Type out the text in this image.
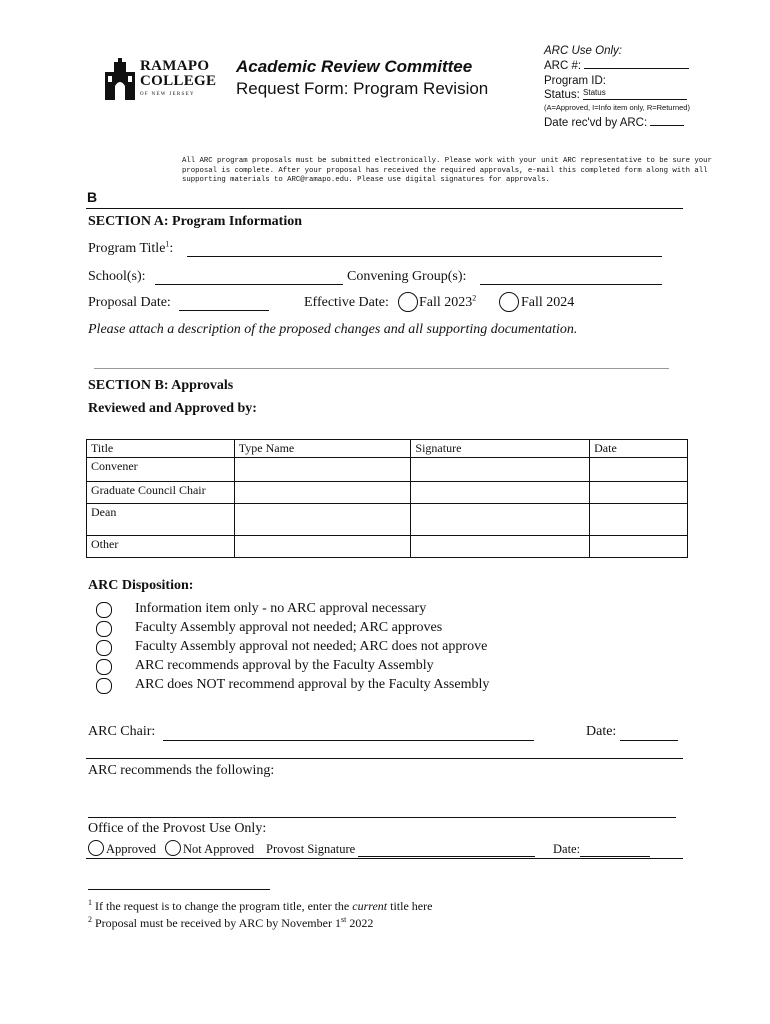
RAMAPO
COLLEGE
OF NEW JERSEY
Academic Review Committee
Request Form: Program Revision
ARC Use Only:
ARC #:
Program ID:
Status: Status
(A=Approved, I=Info item only, R=Returned)
Date rec'vd by ARC:
All ARC program proposals must be submitted electronically. Please work with your unit ARC representative to be sure your proposal is complete. After your proposal has received the required approvals, e-mail this completed form along with all supporting materials to ARC@ramapo.edu. Please use digital signatures for approvals.
B
SECTION A: Program Information
Program Title$^1$:
School(s):	Convening Group(s):
Proposal Date:	Effective Date: Fall 2023$^2$	Fall 2024
Please attach a description of the proposed changes and all supporting documentation.
SECTION B: Approvals
Reviewed and Approved by:
Title	Type Name	Signature	Date
Convener			
Graduate Council Chair			
Dean			
Other			
ARC Disposition:
Information item only - no ARC approval necessary
Faculty Assembly approval not needed; ARC approves
Faculty Assembly approval not needed; ARC does not approve
ARC recommends approval by the Faculty Assembly
ARC does NOT recommend approval by the Faculty Assembly
ARC Chair:	Date:
ARC recommends the following:
Office of the Provost Use Only:
Approved Not Approved Provost Signature	Date:
$^1$ If the request is to change the program title, enter the current title here
$^2$ Proposal must be received by ARC by November 1st 2022
